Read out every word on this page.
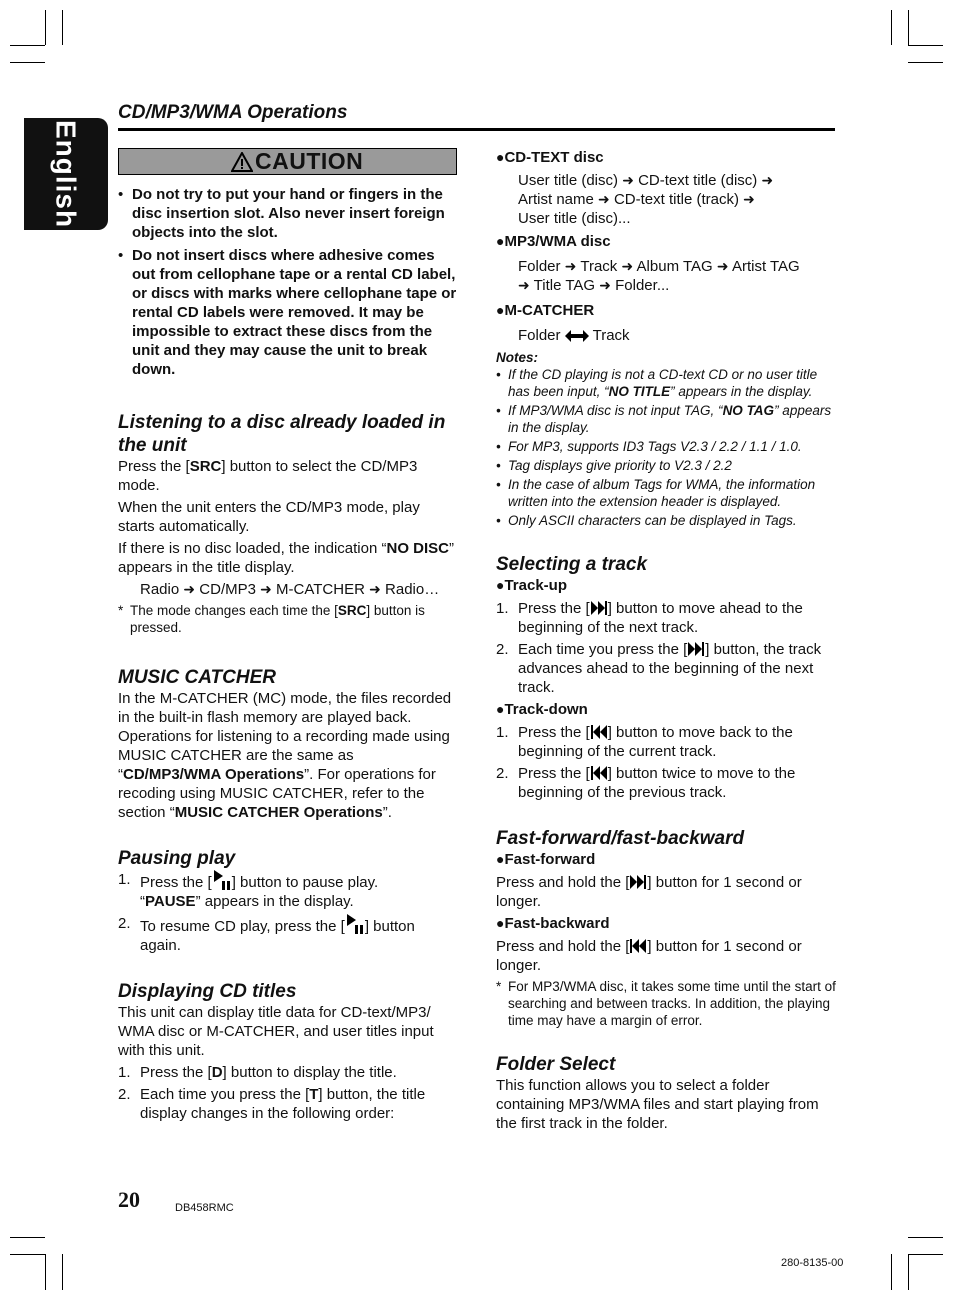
English
CD/MP3/WMA Operations
CAUTION
• Do not try to put your hand or fingers in the disc insertion slot. Also never insert foreign objects into the slot.
• Do not insert discs where adhesive comes out from cellophane tape or a rental CD label, or discs with marks where cellophane tape or rental CD labels were removed. It may be impossible to extract these discs from the unit and they may cause the unit to break down.
Listening to a disc already loaded in the unit

Press the [SRC] button to select the CD/MP3 mode.

When the unit enters the CD/MP3 mode, play starts automatically.

If there is no disc loaded, the indication “NO DISC” appears in the title display.

Radio ➜ CD/MP3 ➜ M-CATCHER ➜ Radio…

* The mode changes each time the [SRC] button is pressed.
MUSIC CATCHER

In the M-CATCHER (MC) mode, the files recorded in the built-in flash memory are played back. Operations for listening to a recording made using MUSIC CATCHER are the same as “CD/MP3/WMA Operations”. For operations for recoding using MUSIC CATCHER, refer to the section “MUSIC CATCHER Operations”.

Pausing play
1. Press the [ ] button to pause play.
“PAUSE” appears in the display.
2. To resume CD play, press the [ ] button again.
Displaying CD titles

This unit can display title data for CD-text/MP3/ WMA disc or M-CATCHER, and user titles input with this unit.

1. Press the [D] button to display the title.
2. Each time you press the [T] button, the title display changes in the following order:
●CD-TEXT disc

User title (disc) ➜ CD-text title (disc) ➜
Artist name ➜ CD-text title (track) ➜
User title (disc)...

●MP3/WMA disc

Folder ➜ Track ➜ Album TAG ➜ Artist TAG
➜ Title TAG ➜ Folder...

●M-CATCHER

Folder Track

Notes:
• If the CD playing is not a CD-text CD or no user title has been input, “NO TITLE” appears in the display.
• If MP3/WMA disc is not input TAG, “NO TAG” appears in the display.
• For MP3, supports ID3 Tags V2.3 / 2.2 / 1.1 / 1.0.
• Tag displays give priority to V2.3 / 2.2
• In the case of album Tags for WMA, the information written into the extension header is displayed.
• Only ASCII characters can be displayed in Tags.
Selecting a track
●Track-up
1. Press the [ ] button to move ahead to the beginning of the next track.
2. Each time you press the [ ] button, the track advances ahead to the beginning of the next track.
●Track-down
1. Press the [ ] button to move back to the beginning of the current track.
2. Press the [ ] button twice to move to the beginning of the previous track.
Fast-forward/fast-backward
●Fast-forward

Press and hold the [ ] button for 1 second or longer.

●Fast-backward

Press and hold the [ ] button for 1 second or longer.

* For MP3/WMA disc, it takes some time until the start of searching and between tracks. In addition, the playing time may have a margin of error.
Folder Select

This function allows you to select a folder containing MP3/WMA files and start playing from the first track in the folder.

20	DB458RMC
280-8135-00
